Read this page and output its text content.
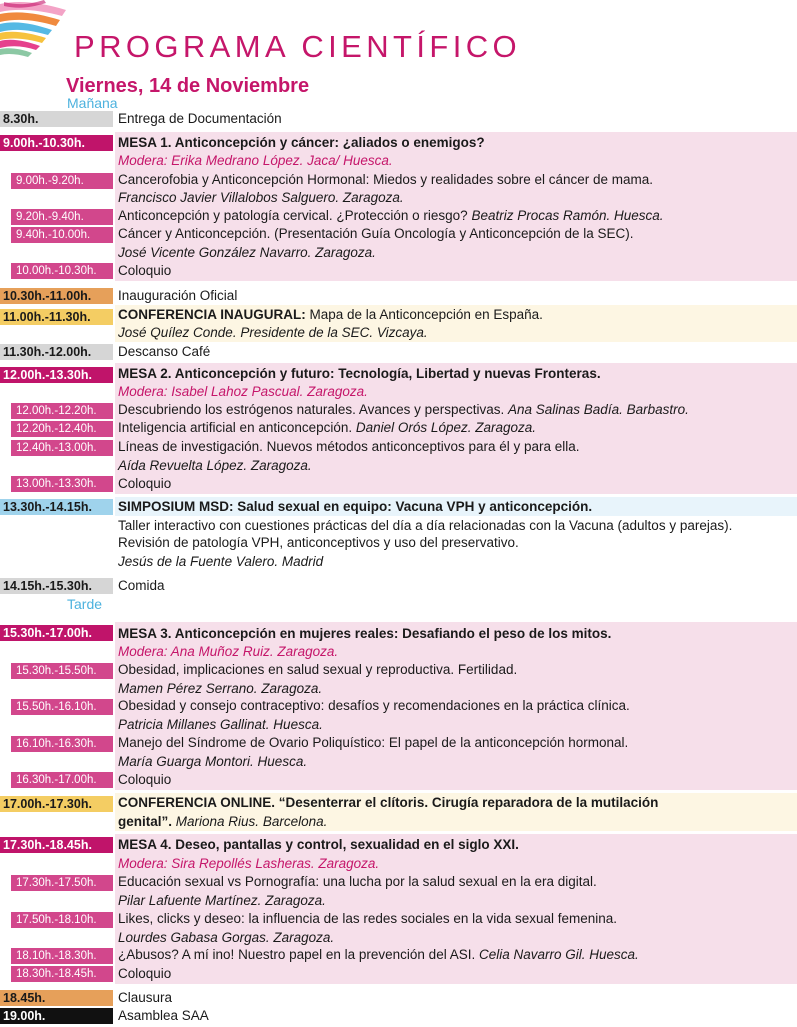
PROGRAMA CIENTÍFICO
Viernes, 14 de Noviembre
Mañana
8.30h.	Entrega de Documentación
9.00h.-10.30h.	MESA 1. Anticoncepción y cáncer: ¿aliados o enemigos?
Modera: Erika Medrano López. Jaca/ Huesca.
9.00h.-9.20h.	Cancerofobia y Anticoncepción Hormonal: Miedos y realidades sobre el cáncer de mama.
Francisco Javier Villalobos Salguero. Zaragoza.
9.20h.-9.40h.	Anticoncepción y patología cervical. ¿Protección o riesgo? Beatriz Procas Ramón. Huesca.
9.40h.-10.00h.	Cáncer y Anticoncepción. (Presentación Guía Oncología y Anticoncepción de la SEC).
José Vicente González Navarro. Zaragoza.
10.00h.-10.30h.	Coloquio
10.30h.-11.00h.	Inauguración Oficial
11.00h.-11.30h.	CONFERENCIA INAUGURAL: Mapa de la Anticoncepción en España.
José Quílez Conde. Presidente de la SEC. Vizcaya.
11.30h.-12.00h.	Descanso Café
12.00h.-13.30h.	MESA 2. Anticoncepción y futuro: Tecnología, Libertad y nuevas Fronteras.
Modera: Isabel Lahoz Pascual. Zaragoza.
12.00h.-12.20h.	Descubriendo los estrógenos naturales. Avances y perspectivas. Ana Salinas Badía. Barbastro.
12.20h.-12.40h.	Inteligencia artificial en anticoncepción. Daniel Orós López. Zaragoza.
12.40h.-13.00h.	Líneas de investigación. Nuevos métodos anticonceptivos para él y para ella.
Aída Revuelta López. Zaragoza.
13.00h.-13.30h.	Coloquio
13.30h.-14.15h.	SIMPOSIUM MSD: Salud sexual en equipo: Vacuna VPH y anticoncepción.
Taller interactivo con cuestiones prácticas del día a día relacionadas con la Vacuna (adultos y parejas). Revisión de patología VPH, anticonceptivos y uso del preservativo.
Jesús de la Fuente Valero. Madrid
14.15h.-15.30h.	Comida
Tarde
15.30h.-17.00h.	MESA 3. Anticoncepción en mujeres reales: Desafiando el peso de los mitos.
Modera: Ana Muñoz Ruiz. Zaragoza.
15.30h.-15.50h.	Obesidad, implicaciones en salud sexual y reproductiva. Fertilidad.
Mamen Pérez Serrano. Zaragoza.
15.50h.-16.10h.	Obesidad y consejo contraceptivo: desafíos y recomendaciones en la práctica clínica.
Patricia Millanes Gallinat. Huesca.
16.10h.-16.30h.	Manejo del Síndrome de Ovario Poliquístico: El papel de la anticoncepción hormonal.
María Guarga Montori. Huesca.
16.30h.-17.00h.	Coloquio
17.00h.-17.30h.	CONFERENCIA ONLINE. “Desenterrar el clítoris. Cirugía reparadora de la mutilación
genital”. Mariona Rius. Barcelona.
17.30h.-18.45h.	MESA 4. Deseo, pantallas y control, sexualidad en el siglo XXI.
Modera: Sira Repollés Lasheras. Zaragoza.
17.30h.-17.50h.	Educación sexual vs Pornografía: una lucha por la salud sexual en la era digital.
Pilar Lafuente Martínez. Zaragoza.
17.50h.-18.10h.	Likes, clicks y deseo: la influencia de las redes sociales en la vida sexual femenina.
Lourdes Gabasa Gorgas. Zaragoza.
18.10h.-18.30h.	¿Abusos? A mí ino! Nuestro papel en la prevención del ASI. Celia Navarro Gil. Huesca.
18.30h.-18.45h.	Coloquio
18.45h.	Clausura
19.00h.	Asamblea SAA
